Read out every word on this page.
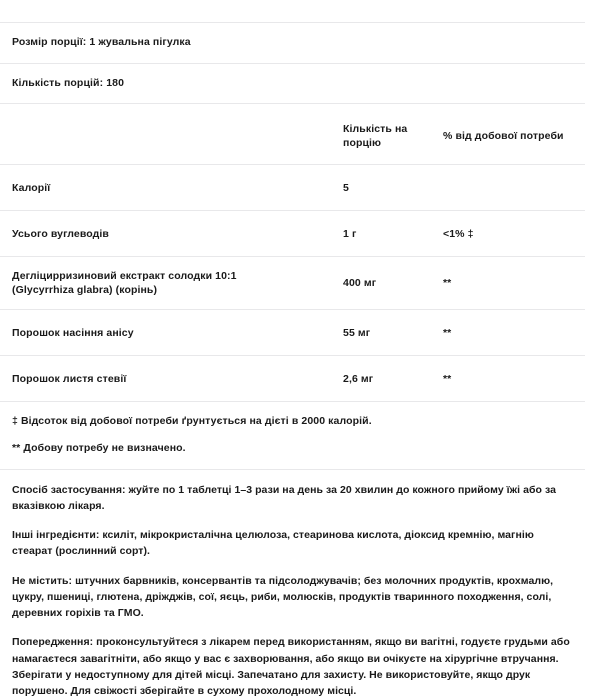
Розмір порції: 1 жувальна пігулка
Кількість порцій: 180
	Кількість на порцію	% від добової потреби

Калорії	5	

Усього вуглеводів	1 г	<1% ‡

Дегліцирризиновий екстракт солодки 10:1
(Glycyrrhiza glabra) (корінь)	400 мг	**

Порошок насіння анісу	55 мг	**

Порошок листя стевії	2,6 мг	**
‡ Відсоток від добової потреби ґрунтується на дієті в 2000 калорій.
** Добову потребу не визначено.

Спосіб застосування: жуйте по 1 таблетці 1–3 рази на день за 20 хвилин до кожного прийому їжі або за вказівкою лікаря.

Інші інгредієнти: ксиліт, мікрокристалічна целюлоза, стеаринова кислота, діоксид кремнію, магнію стеарат (рослинний сорт).

Не містить: штучних барвників, консервантів та підсолоджувачів; без молочних продуктів, крохмалю, цукру, пшениці, глютена, дріжджів, сої, яєць, риби, молюсків, продуктів тваринного походження, солі, деревних горіхів та ГМО.

Попередження: проконсультуйтеся з лікарем перед використанням, якщо ви вагітні, годуєте грудьми або намагаєтеся завагітніти, або якщо у вас є захворювання, або якщо ви очікуєте на хірургічне втручання. Зберігати у недоступному для дітей місці. Запечатано для захисту. Не використовуйте, якщо друк порушено. Для свіжості зберігайте в сухому прохолодному місці.
